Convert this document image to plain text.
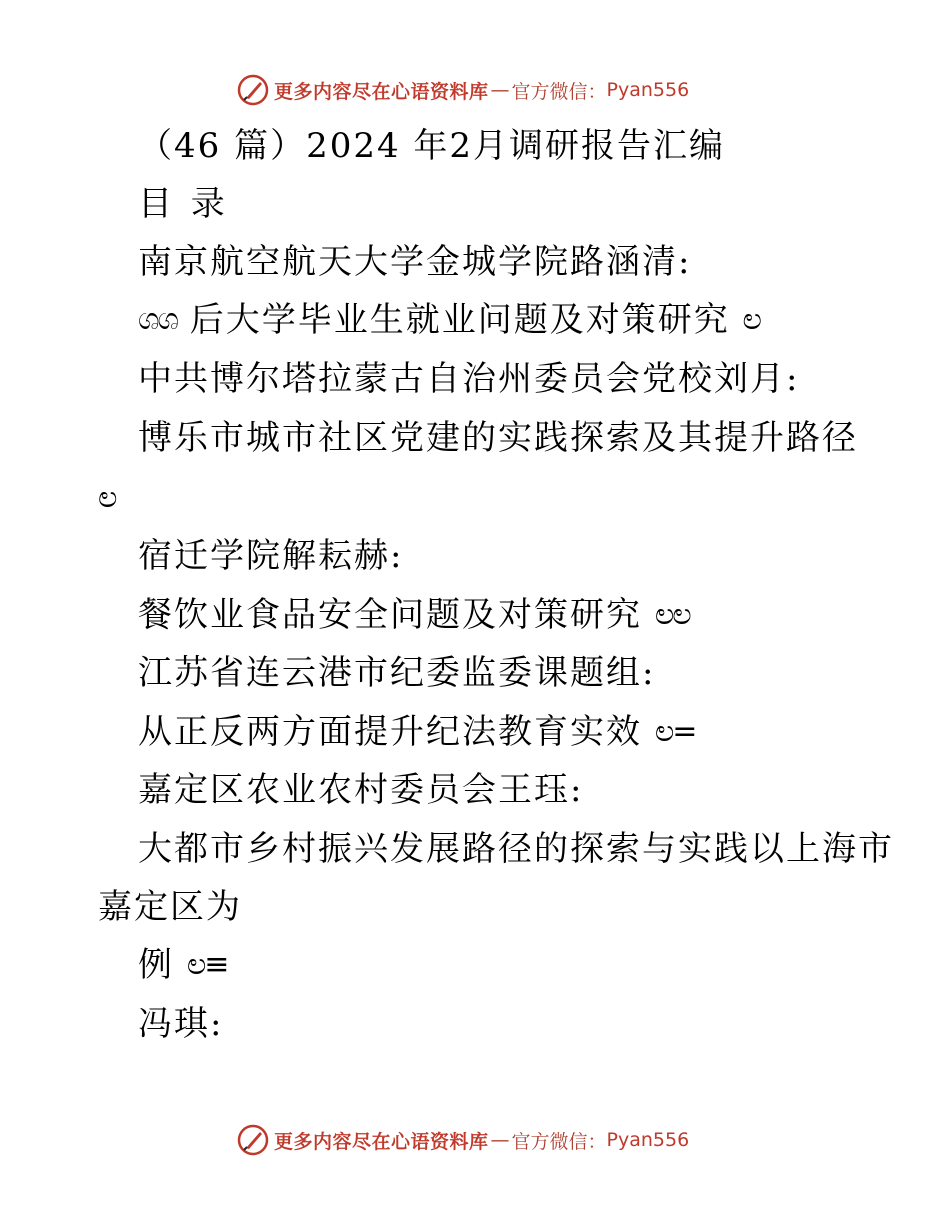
更多内容尽在心语资料库 — 官方微信： Pyan556
（46 篇）2024 年2月调研报告汇编
目 录
南京航空航天大学金城学院路涵清:
ශශ 后大学毕业生就业问题及对策研究 ಲ
中共博尔塔拉蒙古自治州委员会党校刘月:
博乐市城市社区党建的实践探索及其提升路径
ಲ
宿迁学院解耘赫:
餐饮业食品安全问题及对策研究 ಲಲ
江苏省连云港市纪委监委课题组:
从正反两方面提升纪法教育实效 ಲ=
嘉定区农业农村委员会王珏:
大都市乡村振兴发展路径的探索与实践以上海市
嘉定区为
例 ಲ≡
冯琪:
更多内容尽在心语资料库 — 官方微信： Pyan556
